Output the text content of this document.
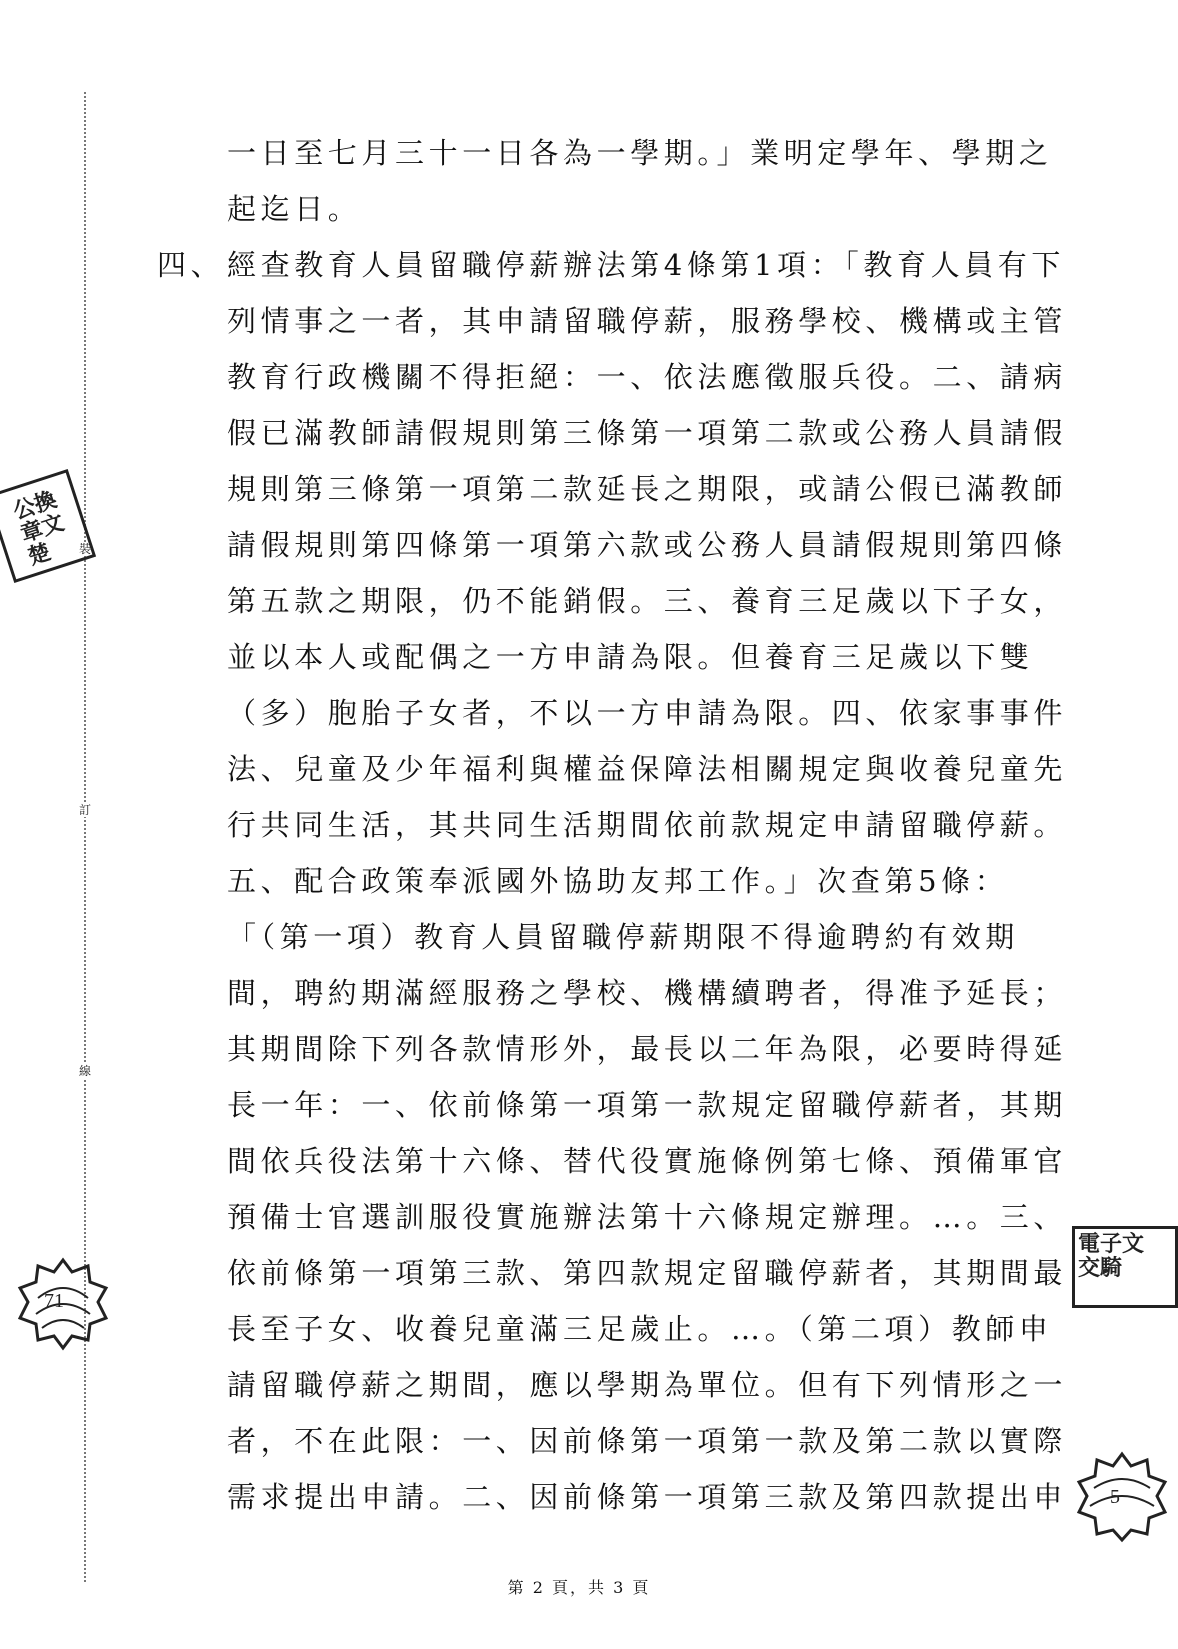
裝
訂
線
公換章文楚
電子文交騎
71
5
一日至七月三十一日各為一學期。」業明定學年、學期之
起迄日。
四、 經查教育人員留職停薪辦法第4條第1項：「教育人員有下
列情事之一者，其申請留職停薪，服務學校、機構或主管
教育行政機關不得拒絕：一、依法應徵服兵役。二、請病
假已滿教師請假規則第三條第一項第二款或公務人員請假
規則第三條第一項第二款延長之期限，或請公假已滿教師
請假規則第四條第一項第六款或公務人員請假規則第四條
第五款之期限，仍不能銷假。三、養育三足歲以下子女，
並以本人或配偶之一方申請為限。但養育三足歲以下雙
（多）胞胎子女者，不以一方申請為限。四、依家事事件
法、兒童及少年福利與權益保障法相關規定與收養兒童先
行共同生活，其共同生活期間依前款規定申請留職停薪。
五、配合政策奉派國外協助友邦工作。」次查第5條：
「（第一項）教育人員留職停薪期限不得逾聘約有效期
間，聘約期滿經服務之學校、機構續聘者，得准予延長；
其期間除下列各款情形外，最長以二年為限，必要時得延
長一年：一、依前條第一項第一款規定留職停薪者，其期
間依兵役法第十六條、替代役實施條例第七條、預備軍官
預備士官選訓服役實施辦法第十六條規定辦理。…。三、
依前條第一項第三款、第四款規定留職停薪者，其期間最
長至子女、收養兒童滿三足歲止。…。（第二項）教師申
請留職停薪之期間，應以學期為單位。但有下列情形之一
者，不在此限：一、因前條第一項第一款及第二款以實際
需求提出申請。二、因前條第一項第三款及第四款提出申
第 2 頁，共 3 頁
